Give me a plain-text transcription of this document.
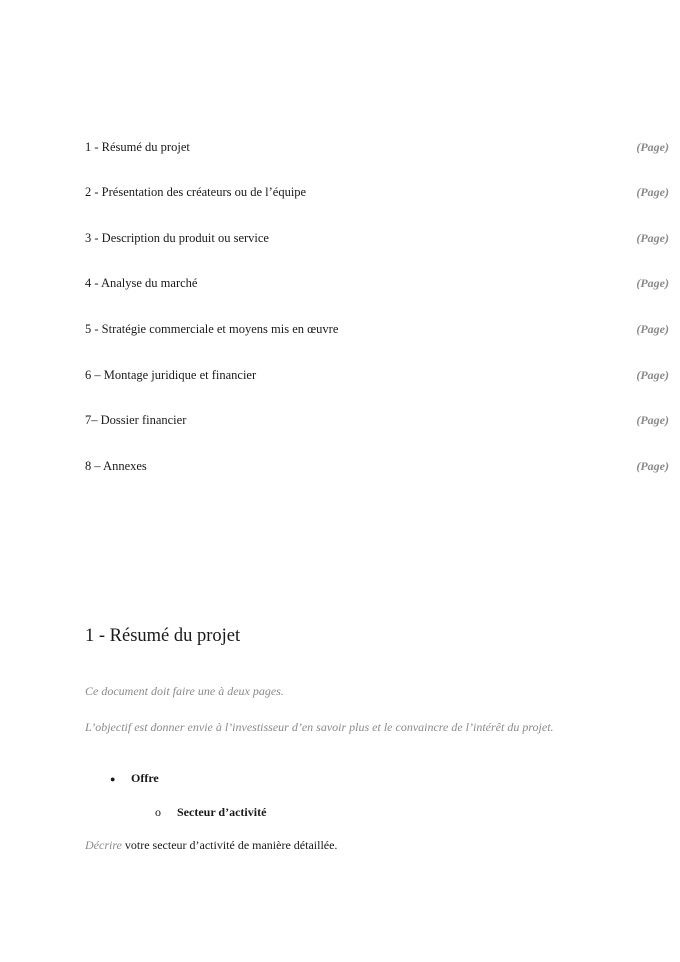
1 - Résumé du projet	(Page)
2 - Présentation des créateurs ou de l’équipe	(Page)
3 - Description du produit ou service	(Page)
4 - Analyse du marché	(Page)
5 - Stratégie commerciale et moyens mis en œuvre	(Page)
6 – Montage juridique et financier	(Page)
7– Dossier financier	(Page)
8 – Annexes	(Page)
1 - Résumé du projet
Ce document doit faire une à deux pages.
L’objectif est donner envie à l’investisseur d’en savoir plus et le convaincre de l’intérêt du projet.
●	Offre
o	Secteur d’activité
Décrire votre secteur d’activité de manière détaillée.
